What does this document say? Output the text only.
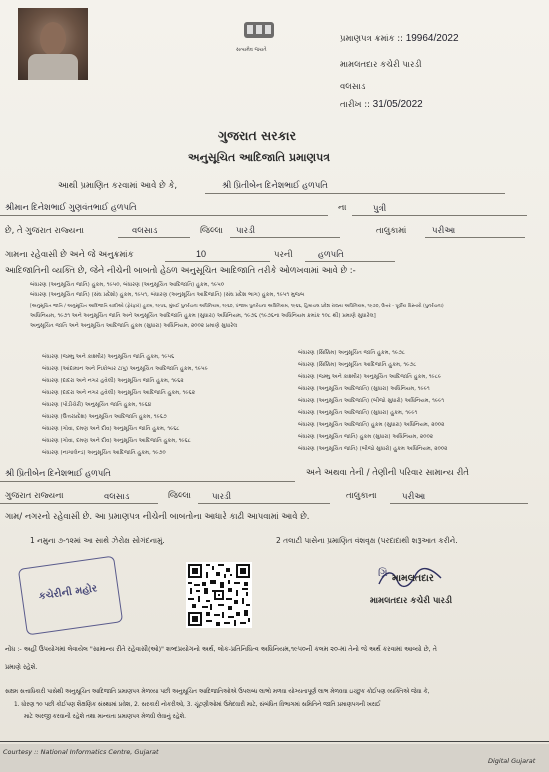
સત્યમેવ જયતે
પ્રમાણપત્ર ક્રમાંક :: 19964/2022
મામલતદાર કચેરી પારડી
વલસાડ
તારીખ :: 31/05/2022
ગુજરાત સરકાર
અનુસૂચિત આદિજાતિ પ્રમાણપત્ર
આથી પ્રમાણિત કરવામાં આવે છે કે,	શ્રી પ્રિતીબેન દિનેશભાઈ હળપતિ
શ્રીમાન દિનેશભાઈ ગુણવંતભાઈ હળપતિ	ના	પુત્રી
છે, તે ગુજરાત રાજ્યના	વલસાડ	જિલ્લા પારડી	તાલુકામાં	પરીઆ
ગામના રહેવાસી છે અને જે અનુક્રમાંક	10	પરની	હળપતિ
આદિજાતિની વ્યક્તિ છે, જેને નીચેની બાબતો હેઠળ અનુસૂચિત આદિજાતિ તરીકે ઓળખવામાં આવે છે :-
બંધારણ (અનુસૂચિત જાતિ) હુકમ, ૧૯૫૦, બંધારણ (અનુસૂચિત આદિજાતિ) હુકમ, ૧૯૫૦
બંધારણ (અનુસૂચિત જાતિ) (સંઘ પ્રદેશો) હુકમ, ૧૯૫૧, બંધારણ (અનુસૂચિત આદિજાતિ) (સંઘ પ્રદેશ ભાગ) હુકમ, ૧૯૫૧ મુજબ
[અનુસૂચિત જાતિ / અનુસૂચિત આદિજાતિ યાદીઓ (ફેરફાર) હુકમ, ૧૯૫૬, મુંબઈ પુનર્રચના અધિનિયમ, ૧૯૬૦, પંજાબ પુનર્રચના અધિનિયમ, ૧૯૬૬, હિમાચલ પ્રદેશ રાજ્ય અધિનિયમ, ૧૯૭૦, ઉત્તર - પૂર્વીય વિસ્તારો (પુનર્રચના)
અધિનિયમ, ૧૯૭૧ અને અનુસૂચિત જાતિ અને અનુસૂચિત આદિજાતિ હુકમ (સુધારા) અધિનિયમ, ૧૯૭૬ (૧૯૭૬ના અધિનિયમ ક્રમાંક ૧૦૮ થી) પ્રમાણે સુધારેલ]
અનુસૂચિત જાતિ અને અનુસૂચિત આદિજાતિ હુકમ (સુધારા) અધિનિયમ, ૨૦૦૨ પ્રમાણે સુધારેલ
બંધારણ (જમ્મુ અને કાશ્મીર) અનુસૂચિત જાતિ હુકમ, ૧૯૫૬
બંધારણ (આંદામાન અને નિકોબાર ટાપુ) અનુસૂચિત આદિજાતિ હુકમ, ૧૯૫૯
બંધારણ (દાદરા અને નગર હવેલી) અનુસૂચિત જાતિ હુકમ, ૧૯૬૨
બંધારણ (દાદરા અને નગર હવેલી) અનુસૂચિત આદિજાતિ હુકમ, ૧૯૬૨
બંધારણ (પોંડીચેરી) અનુસૂચિત જાતિ હુકમ, ૧૯૬૪
બંધારણ (ઉત્તરપ્રદેશ) અનુસૂચિત આદિજાતિ હુકમ, ૧૯૬૭
બંધારણ (ગોવા, દમણ અને દીવ) અનુસૂચિત જાતિ હુકમ, ૧૯૬૮
બંધારણ (ગોવા, દમણ અને દીવ) અનુસૂચિત આદિજાતિ હુકમ, ૧૯૬૮
બંધારણ (નાગાલેન્ડ) અનુસૂચિત આદિજાતિ હુકમ, ૧૯૭૦
બંધારણ (સિક્કિમ) અનુસૂચિત જાતિ હુકમ, ૧૯૭૮
બંધારણ (સિક્કિમ) અનુસૂચિત આદિજાતિ હુકમ, ૧૯૭૮
બંધારણ (જમ્મુ અને કાશ્મીર) અનુસૂચિત આદિજાતિ હુકમ, ૧૯૮૯
બંધારણ (અનુસૂચિત આદિજાતિ) (સુધારા) અધિનિયમ, ૧૯૯૧
બંધારણ (અનુસૂચિત આદિજાતિ) (બીજો સુધારો) અધિનિયમ, ૧૯૯૧
બંધારણ (અનુસૂચિત આદિજાતિ) (સુધારા) હુકમ, ૧૯૯૧
બંધારણ (અનુસૂચિત આદિજાતિ) હુકમ (સુધારા) અધિનિયમ, ૨૦૦૨
બંધારણ (અનુસૂચિત જાતિ) હુકમ (સુધારા) અધિનિયમ, ૨૦૦૨
બંધારણ (અનુસૂચિત જાતિ) (બીજો સુધારો) હુકમ અધિનિયમ, ૨૦૦૨
શ્રી પ્રિતીબેન દિનેશભાઈ હળપતિ	અને અથવા તેની / તેણીની પરિવાર સામાન્ય રીતે
ગુજરાત રાજ્યના	વલસાડ	જિલ્લા પારડી	તાલુકાના	પરીઆ
ગામ/ નગરનો રહેવાસી છે. આ પ્રમાણપત્ર નીચેની બાબતોના આધારે કાઢી આપવામાં આવે છે.
1 નમુના ૭-૧૨માં આ સાથે ઝેરોક્ષ સોગંદનામું.	2 તલાટી પાસેના પ્રમાણિત વંશવૃક્ષ (પરદાદાથી શરૂઆત કરીને.
કચેરીની મહોર
ગ્રિ મામલતદાર
મામલતદાર કચેરી પારડી
નોંધ :- અહીં ઉપયોગમાં લેવાયેલ "સામાન્ય રીતે રહેવાસી(ઓ)" શબ્દપ્રયોગનો અર્થ, લોક-પ્રતિનિધિત્વ અધિનિયમ,૧૯૫૦ની કલમ ૨૦-માં તેનો જે અર્થ કરવામાં આવ્યો છે, તે
પ્રમાણે રહેશે.
સક્ષમ સત્તાધિકારી પાસેથી અનુસૂચિત આદિજાતિ પ્રમાણપત્ર મેળવ્યા પછી અનુસૂચિત આદિજાતિઓએ ઉપલબ્ધ લાભો મળવા યોગ્યતાપૂર્ણ લાભ મેળવવા ઇચ્છુક કોઈપણ વ્યક્તિએ જેવા કે,
1. ધોરણ ૧૦ પછી કોઈપણ શૈક્ષણિક સંસ્થામાં પ્રવેશ, 2. સરકારી નોકરીઓ, 3. ચૂંટણીઓમાં ઉમેદવારી માટે, સંબંધિત વિભાગમાં સમિતિને જાતિ પ્રમાણપત્રની ખરાઈ
માટે અરજી કરવાની રહેશે તથા માન્યતા પ્રમાણપત્ર મેળવી લેવાનું રહેશે.
Courtesy :: National Informatics Centre, Gujarat
Digital Gujarat
